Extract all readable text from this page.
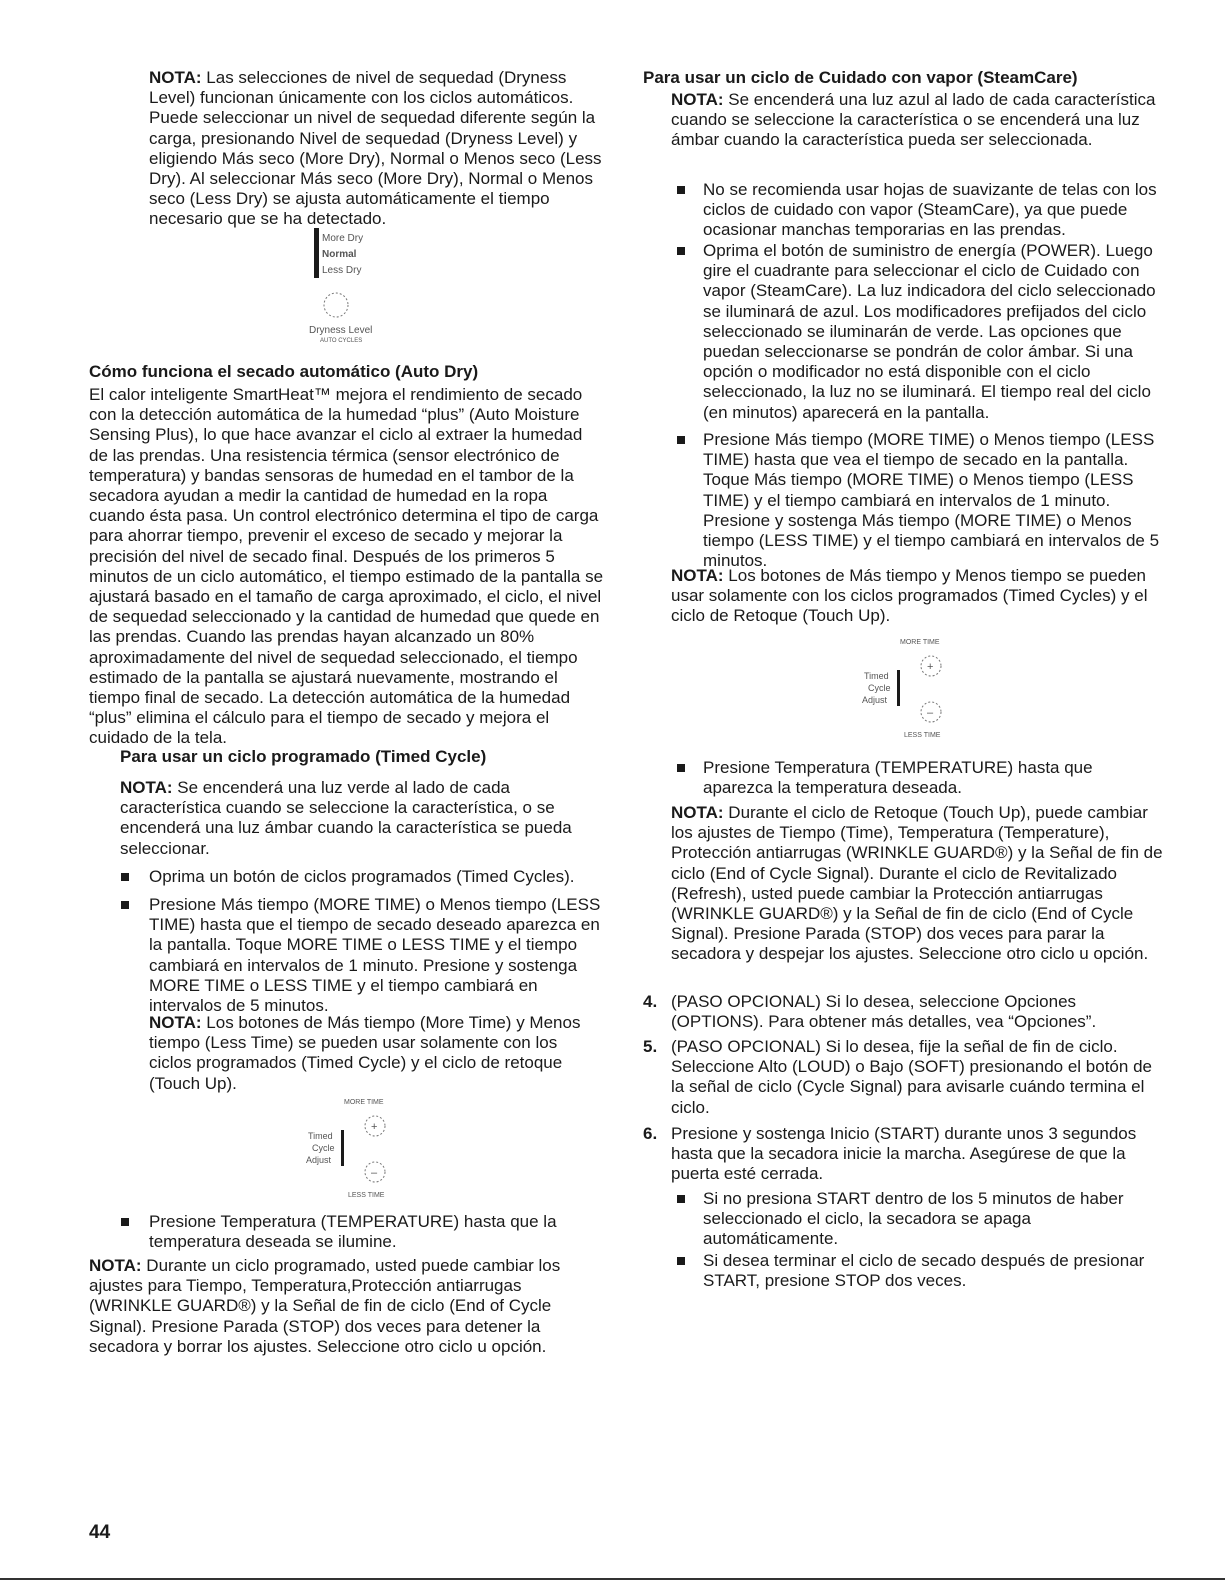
NOTA: Las selecciones de nivel de sequedad (Dryness Level) funcionan únicamente con los ciclos automáticos. Puede seleccionar un nivel de sequedad diferente según la carga, presionando Nivel de sequedad (Dryness Level) y eligiendo Más seco (More Dry), Normal o Menos seco (Less Dry). Al seleccionar Más seco (More Dry), Normal o Menos seco (Less Dry) se ajusta automáticamente el tiempo necesario que se ha detectado.

More Dry
Normal
Less Dry
Dryness Level
AUTO CYCLES

Cómo funciona el secado automático (Auto Dry)

El calor inteligente SmartHeat™ mejora el rendimiento de secado con la detección automática de la humedad “plus” (Auto Moisture Sensing Plus), lo que hace avanzar el ciclo al extraer la humedad de las prendas. Una resistencia térmica (sensor electrónico de temperatura) y bandas sensoras de humedad en el tambor de la secadora ayudan a medir la cantidad de humedad en la ropa cuando ésta pasa. Un control electrónico determina el tipo de carga para ahorrar tiempo, prevenir el exceso de secado y mejorar la precisión del nivel de secado final. Después de los primeros 5 minutos de un ciclo automático, el tiempo estimado de la pantalla se ajustará basado en el tamaño de carga aproximado, el ciclo, el nivel de sequedad seleccionado y la cantidad de humedad que quede en las prendas. Cuando las prendas hayan alcanzado un 80% aproximadamente del nivel de sequedad seleccionado, el tiempo estimado de la pantalla se ajustará nuevamente, mostrando el tiempo final de secado. La detección automática de la humedad “plus” elimina el cálculo para el tiempo de secado y mejora el cuidado de la tela.

Para usar un ciclo programado (Timed Cycle)

NOTA: Se encenderá una luz verde al lado de cada característica cuando se seleccione la característica, o se encenderá una luz ámbar cuando la característica se pueda seleccionar.

Oprima un botón de ciclos programados (Timed Cycles).

Presione Más tiempo (MORE TIME) o Menos tiempo (LESS TIME) hasta que el tiempo de secado deseado aparezca en la pantalla. Toque MORE TIME o LESS TIME y el tiempo cambiará en intervalos de 1 minuto. Presione y sostenga MORE TIME o LESS TIME y el tiempo cambiará en intervalos de 5 minutos.

NOTA: Los botones de Más tiempo (More Time) y Menos tiempo (Less Time) se pueden usar solamente con los ciclos programados (Timed Cycle) y el ciclo de retoque (Touch Up).

MORE TIME
+
Timed
Cycle
Adjust
–
LESS TIME

Presione Temperatura (TEMPERATURE) hasta que la temperatura deseada se ilumine.

NOTA: Durante un ciclo programado, usted puede cambiar los ajustes para Tiempo, Temperatura,Protección antiarrugas (WRINKLE GUARD®) y la Señal de fin de ciclo (End of Cycle Signal). Presione Parada (STOP) dos veces para detener la secadora y borrar los ajustes. Seleccione otro ciclo u opción.

Para usar un ciclo de Cuidado con vapor (SteamCare)

NOTA: Se encenderá una luz azul al lado de cada característica cuando se seleccione la característica o se encenderá una luz ámbar cuando la característica pueda ser seleccionada.

No se recomienda usar hojas de suavizante de telas con los ciclos de cuidado con vapor (SteamCare), ya que puede ocasionar manchas temporarias en las prendas.

Oprima el botón de suministro de energía (POWER). Luego gire el cuadrante para seleccionar el ciclo de Cuidado con vapor (SteamCare). La luz indicadora del ciclo seleccionado se iluminará de azul. Los modificadores prefijados del ciclo seleccionado se iluminarán de verde. Las opciones que puedan seleccionarse se pondrán de color ámbar. Si una opción o modificador no está disponible con el ciclo seleccionado, la luz no se iluminará. El tiempo real del ciclo (en minutos) aparecerá en la pantalla.

Presione Más tiempo (MORE TIME) o Menos tiempo (LESS TIME) hasta que vea el tiempo de secado en la pantalla. Toque Más tiempo (MORE TIME) o Menos tiempo (LESS TIME) y el tiempo cambiará en intervalos de 1 minuto. Presione y sostenga Más tiempo (MORE TIME) o Menos tiempo (LESS TIME) y el tiempo cambiará en intervalos de 5 minutos.

NOTA: Los botones de Más tiempo y Menos tiempo se pueden usar solamente con los ciclos programados (Timed Cycles) y el ciclo de Retoque (Touch Up).

MORE TIME
+
Timed
Cycle
Adjust
–
LESS TIME

Presione Temperatura (TEMPERATURE) hasta que aparezca la temperatura deseada.

NOTA: Durante el ciclo de Retoque (Touch Up), puede cambiar los ajustes de Tiempo (Time), Temperatura (Temperature), Protección antiarrugas (WRINKLE GUARD®) y la Señal de fin de ciclo (End of Cycle Signal). Durante el ciclo de Revitalizado (Refresh), usted puede cambiar la Protección antiarrugas (WRINKLE GUARD®) y la Señal de fin de ciclo (End of Cycle Signal). Presione Parada (STOP) dos veces para parar la secadora y despejar los ajustes. Seleccione otro ciclo u opción.

4. (PASO OPCIONAL) Si lo desea, seleccione Opciones (OPTIONS). Para obtener más detalles, vea “Opciones”.

5. (PASO OPCIONAL) Si lo desea, fije la señal de fin de ciclo. Seleccione Alto (LOUD) o Bajo (SOFT) presionando el botón de la señal de ciclo (Cycle Signal) para avisarle cuándo termina el ciclo.

6. Presione y sostenga Inicio (START) durante unos 3 segundos hasta que la secadora inicie la marcha. Asegúrese de que la puerta esté cerrada.

Si no presiona START dentro de los 5 minutos de haber seleccionado el ciclo, la secadora se apaga automáticamente.

Si desea terminar el ciclo de secado después de presionar START, presione STOP dos veces.

44
